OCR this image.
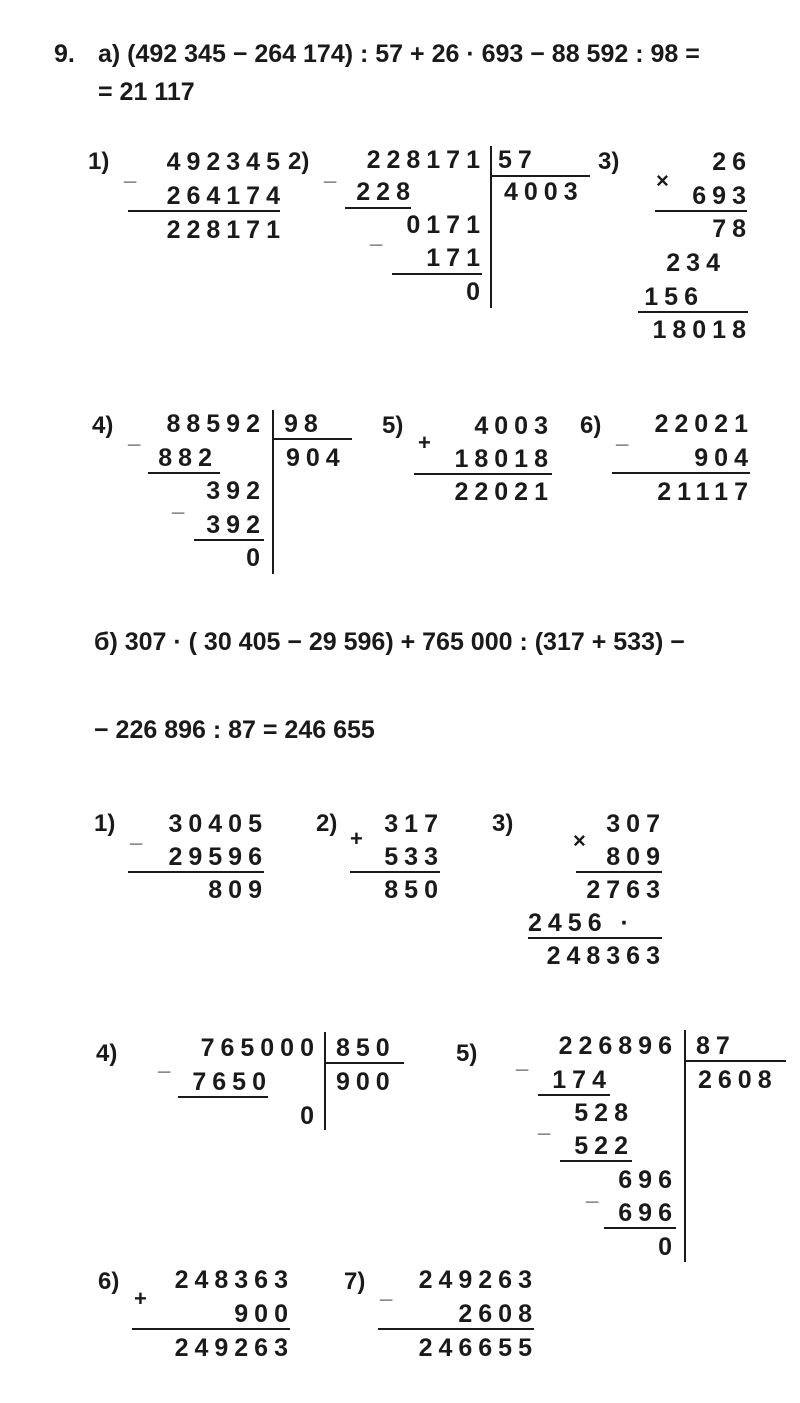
9. а) (492 345 − 264 174) : 57 + 26 · 693 − 88 592 : 98 =
= 21 117
1) _	492345
264174
228171
2) _	228171 57
4003
228
_ 0171
171
0
3)	26
×
693
78
234
156
18018
4) _	88592 98
904
882
392
_
392
0
5)	4003
+
18018
22021
6) _	22021
904
21117
б) 307 · ( 30 405 − 29 596) + 765 000 : (317 + 533) −
− 226 896 : 87 = 246 655
1) _	30405
29596
809
2)	317
+
533
850
3)	307
×
809
2763
2456 ·
248363
4) _
765000 850
900
7650
0
5) _
226896 87
2608
174
_ 528
522
_ 696
696
0
6)	248363
+
900
249263
7) _	249263
2608
246655
